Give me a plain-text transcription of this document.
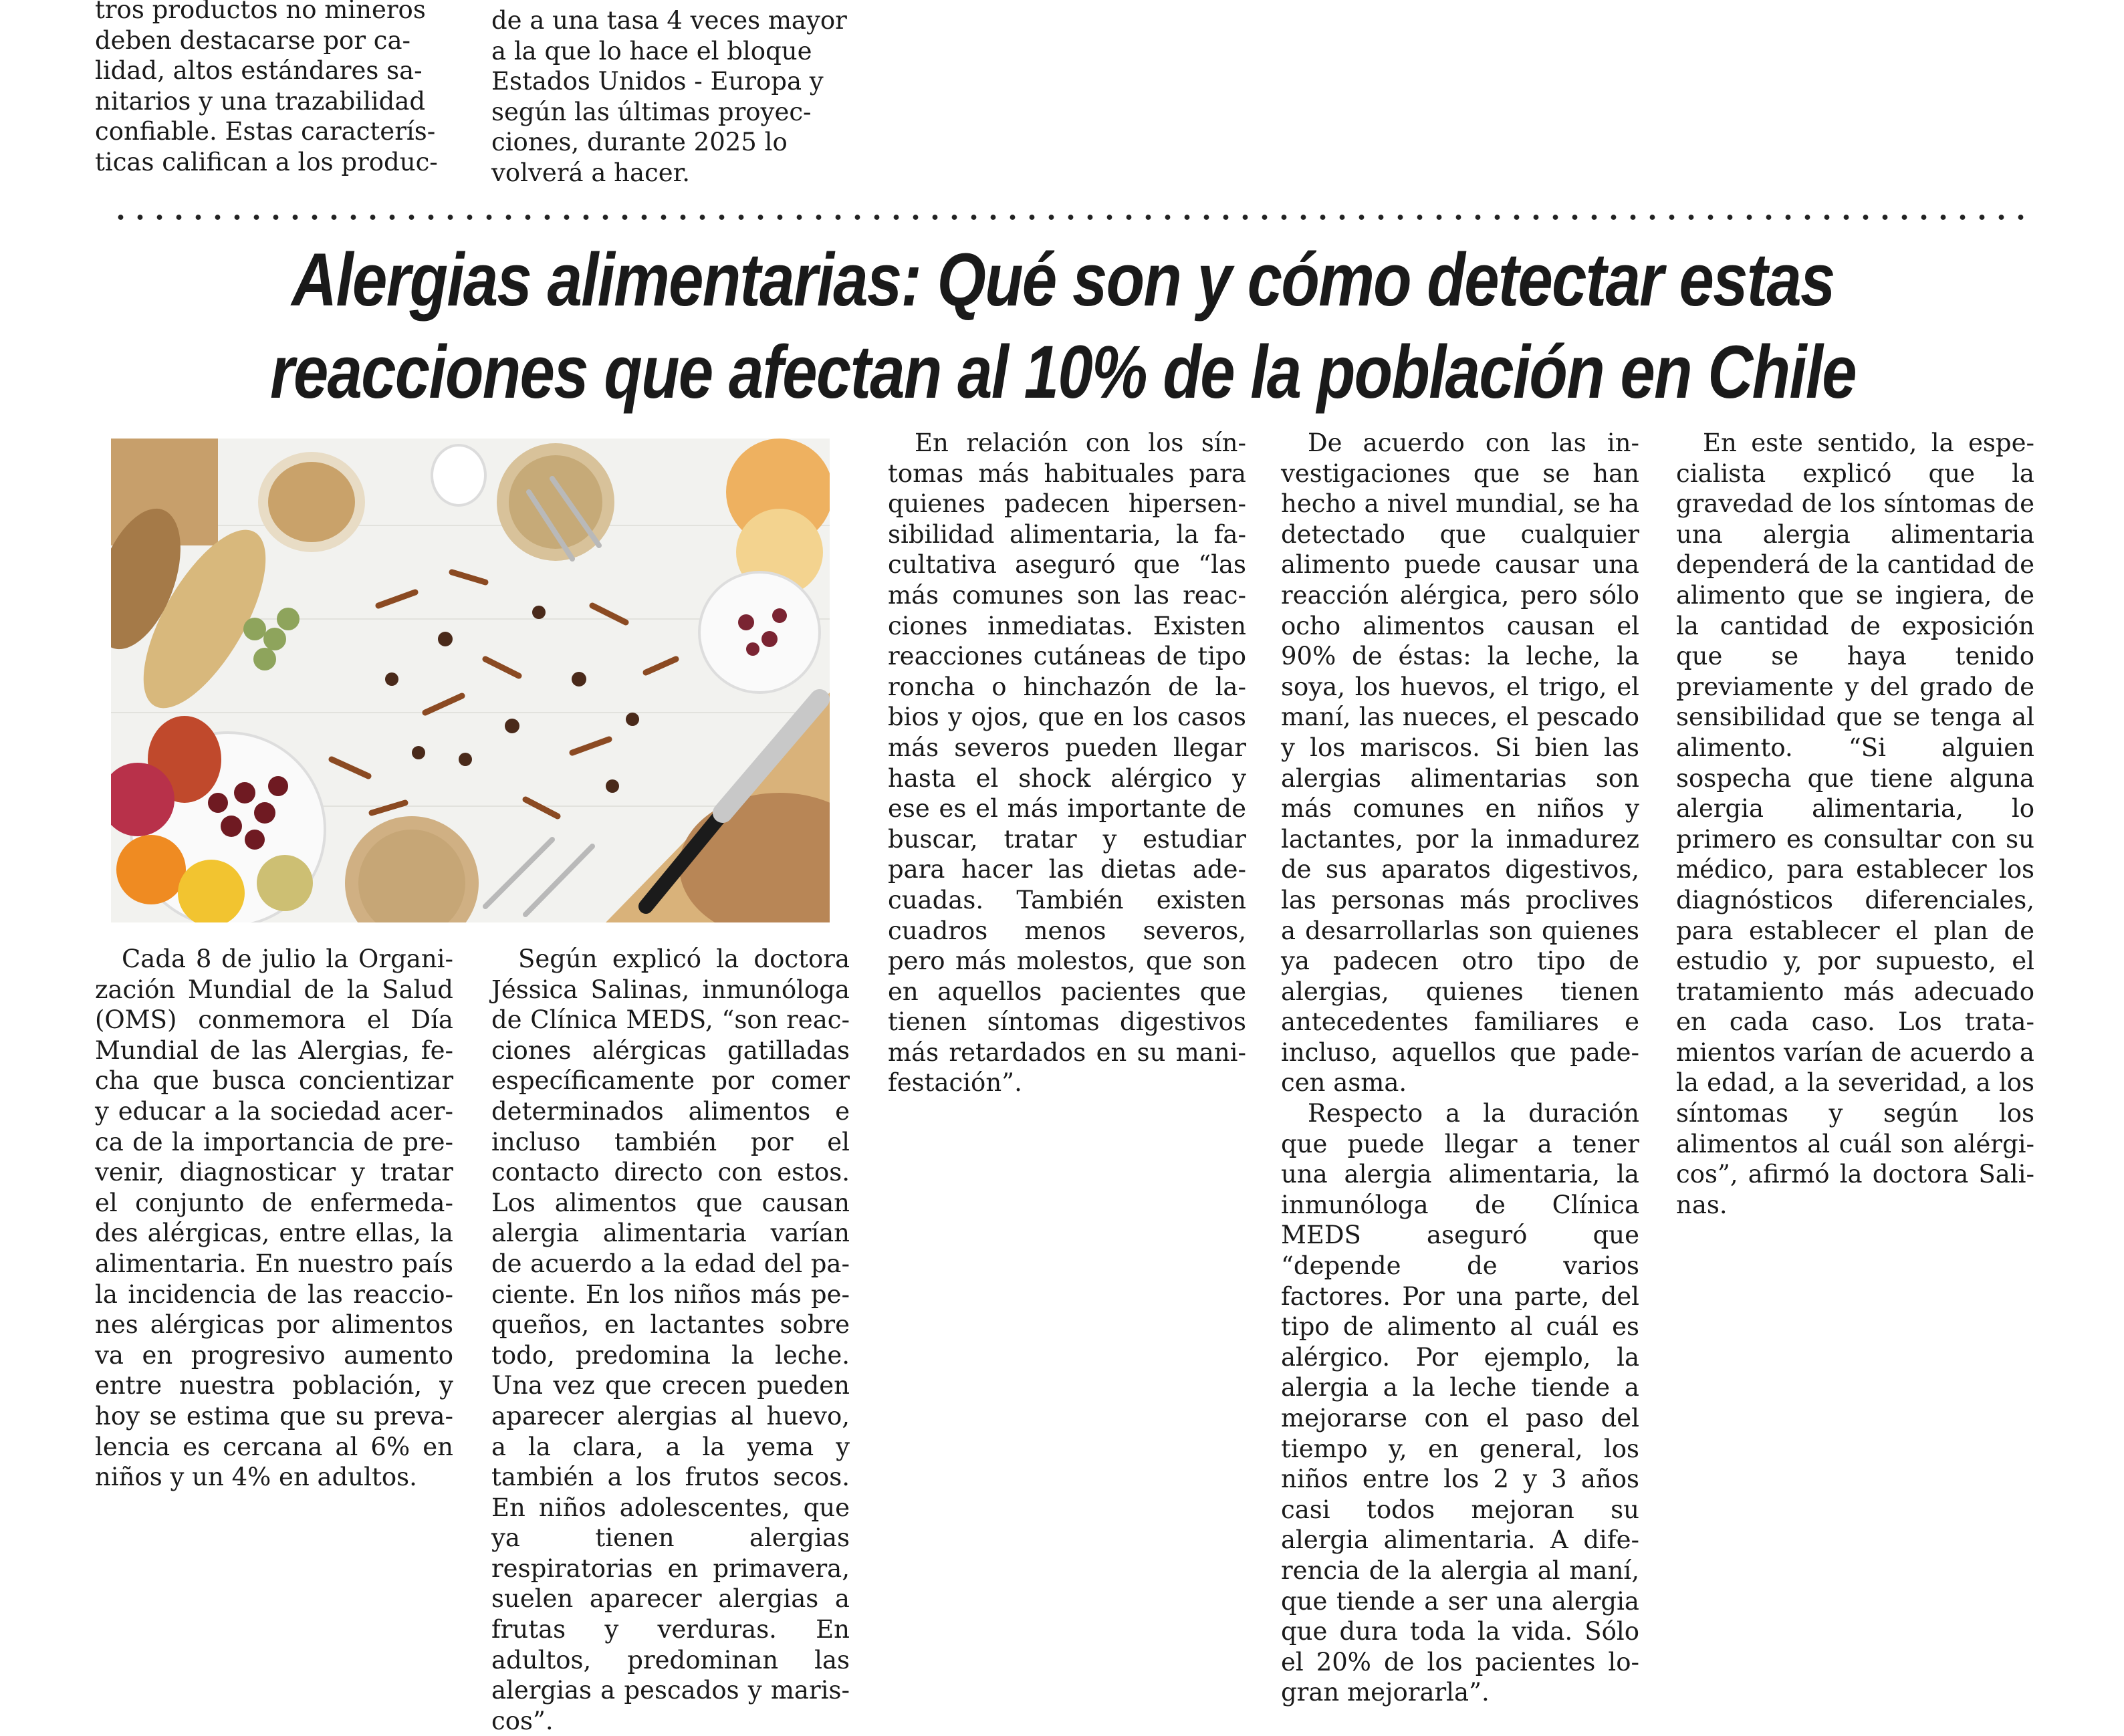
tros productos no mineros
deben destacarse por ca-
lidad, altos estándares sa-
nitarios y una trazabilidad
confiable. Estas caracterís-
ticas califican a los produc-
de a una tasa 4 veces mayor
a la que lo hace el bloque
Estados Unidos - Europa y
según las últimas proyec-
ciones, durante 2025 lo
volverá a hacer.
Alergias alimentarias: Qué son y cómo detectar estas
reacciones que afectan al 10% de la población en Chile

Cada 8 de julio la Organización Mundial de la Salud (OMS) conmemora el Día Mundial de las Alergias, fecha que busca concientizar y educar a la sociedad acerca de la importancia de prevenir, diagnosticar y tratar el conjunto de enfermedades alérgicas, entre ellas, la alimentaria. En nuestro país la incidencia de las reacciones alérgicas por alimentos va en progresivo aumento entre nuestra población, y hoy se estima que su prevalencia es cercana al 6% en niños y un 4% en adultos.

Según explicó la doctora Jéssica Salinas, inmunóloga de Clínica MEDS, “son reacciones alérgicas gatilladas específicamente por comer determinados alimentos e incluso también por el contacto directo con estos. Los alimentos que causan alergia alimentaria varían de acuerdo a la edad del paciente. En los niños más pequeños, en lactantes sobre todo, predomina la leche. Una vez que crecen pueden aparecer alergias al huevo, a la clara, a la yema y también a los frutos secos. En niños adolescentes, que ya tienen alergias respiratorias en primavera, suelen aparecer alergias a frutas y verduras. En adultos, predominan las alergias a pescados y mariscos”.

En relación con los síntomas más habituales para quienes padecen hipersensibilidad alimentaria, la facultativa aseguró que “las más comunes son las reacciones inmediatas. Existen reacciones cutáneas de tipo roncha o hinchazón de labios y ojos, que en los casos más severos pueden llegar hasta el shock alérgico y ese es el más importante de buscar, tratar y estudiar para hacer las dietas adecuadas. También existen cuadros menos severos, pero más molestos, que son en aquellos pacientes que tienen síntomas digestivos más retardados en su manifestación”.

De acuerdo con las investigaciones que se han hecho a nivel mundial, se ha detectado que cualquier alimento puede causar una reacción alérgica, pero sólo ocho alimentos causan el 90% de éstas: la leche, la soya, los huevos, el trigo, el maní, las nueces, el pescado y los mariscos. Si bien las alergias alimentarias son más comunes en niños y lactantes, por la inmadurez de sus aparatos digestivos, las personas más proclives a desarrollarlas son quienes ya padecen otro tipo de alergias, quienes tienen antecedentes familiares e incluso, aquellos que padecen asma.

Respecto a la duración que puede llegar a tener una alergia alimentaria, la inmunóloga de Clínica MEDS aseguró que “depende de varios factores. Por una parte, del tipo de alimento al cuál es alérgico. Por ejemplo, la alergia a la leche tiende a mejorarse con el paso del tiempo y, en general, los niños entre los 2 y 3 años casi todos mejoran su alergia alimentaria. A diferencia de la alergia al maní, que tiende a ser una alergia que dura toda la vida. Sólo el 20% de los pacientes logran mejorarla”.

En este sentido, la especialista explicó que la gravedad de los síntomas de una alergia alimentaria dependerá de la cantidad de alimento que se ingiera, de la cantidad de exposición que se haya tenido previamente y del grado de sensibilidad que se tenga al alimento. “Si alguien sospecha que tiene alguna alergia alimentaria, lo primero es consultar con su médico, para establecer los diagnósticos diferenciales, para establecer el plan de estudio y, por supuesto, el tratamiento más adecuado en cada caso. Los tratamientos varían de acuerdo a la edad, a la severidad, a los síntomas y según los alimentos al cuál son alérgicos”, afirmó la doctora Salinas.
